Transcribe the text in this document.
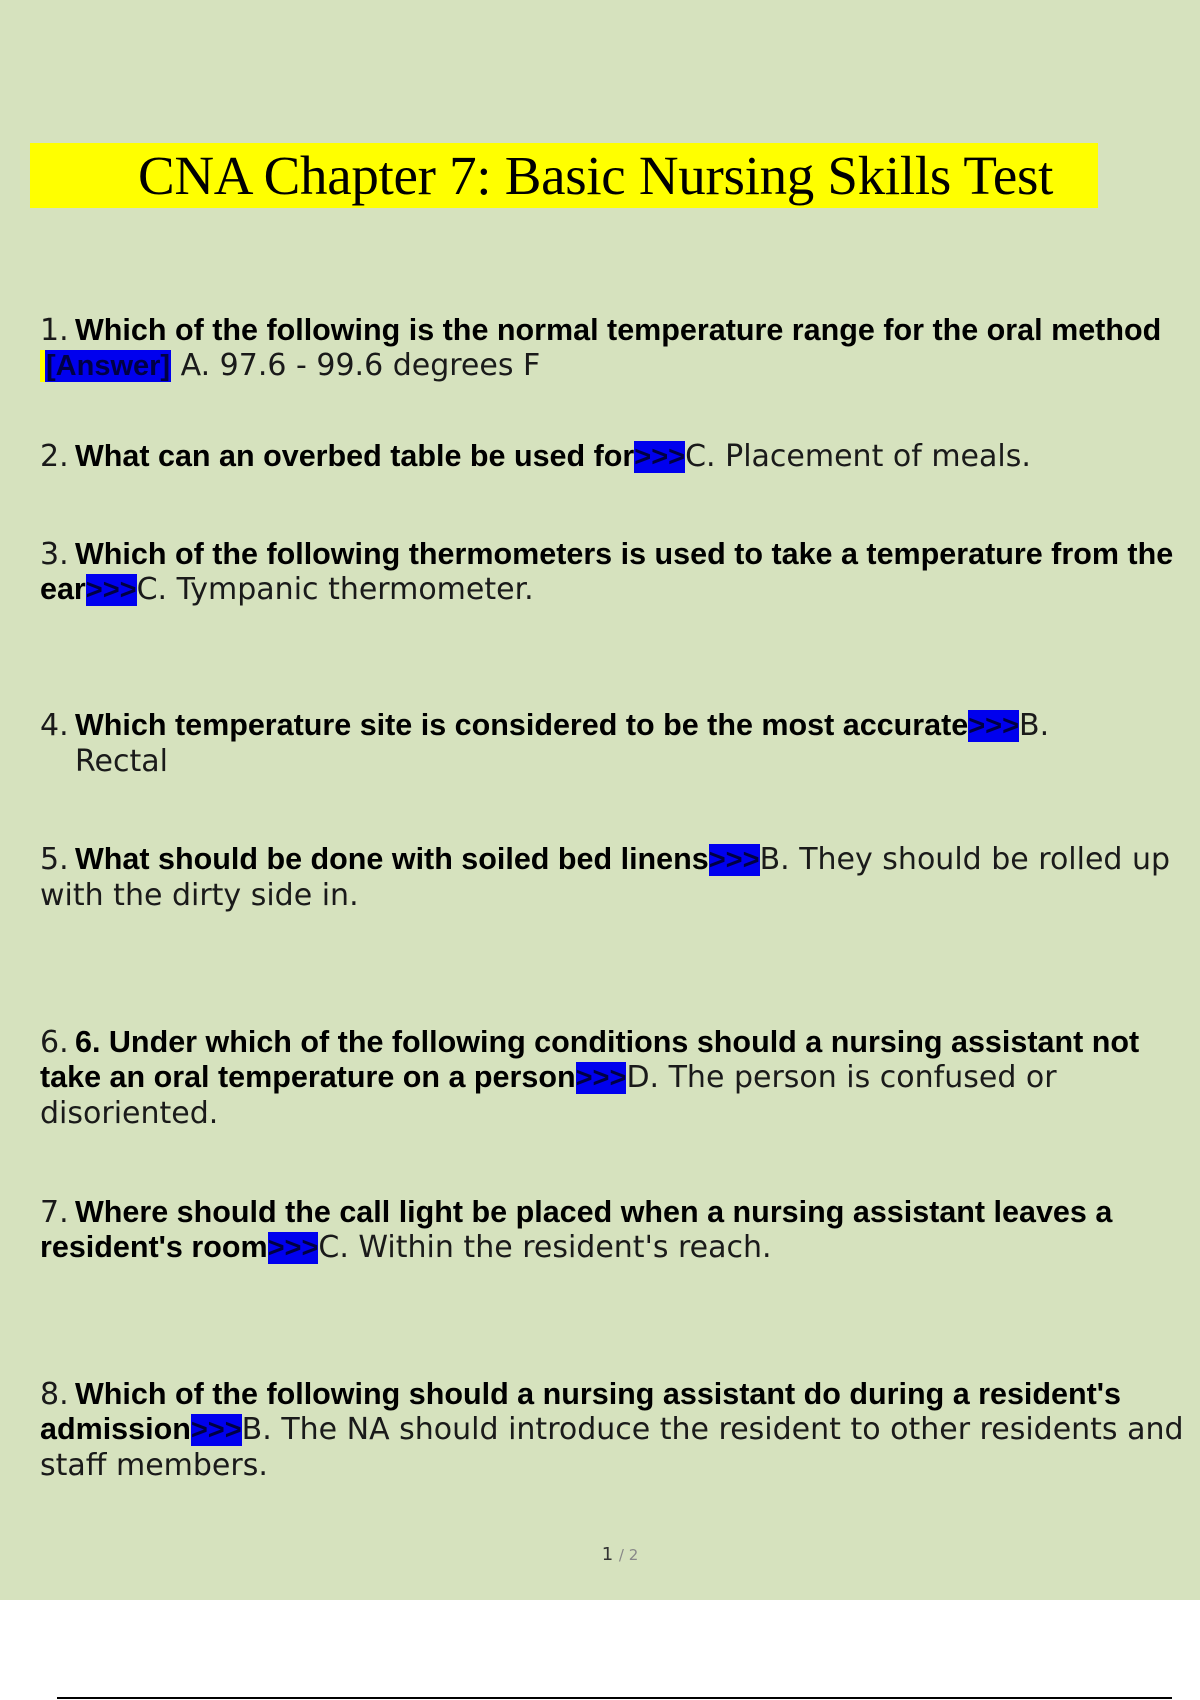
CNA Chapter 7: Basic Nursing Skills Test
1. Which of the following is the normal temperature range for the oral method [Answer] A. 97.6 - 99.6 degrees F
2. What can an overbed table be used for>>>C. Placement of meals.
3. Which of the following thermometers is used to take a temperature from the ear>>>C. Tympanic thermometer.
4. Which temperature site is considered to be the most accurate>>>B.
Rectal
5. What should be done with soiled bed linens>>>B. They should be rolled up with the dirty side in.
6. 6. Under which of the following conditions should a nursing assistant not take an oral temperature on a person>>>D. The person is confused or disoriented.
7. Where should the call light be placed when a nursing assistant leaves a resident's room>>>C. Within the resident's reach.
8. Which of the following should a nursing assistant do during a resident's admission>>>B. The NA should introduce the resident to other residents and staff members.
1 / 2
